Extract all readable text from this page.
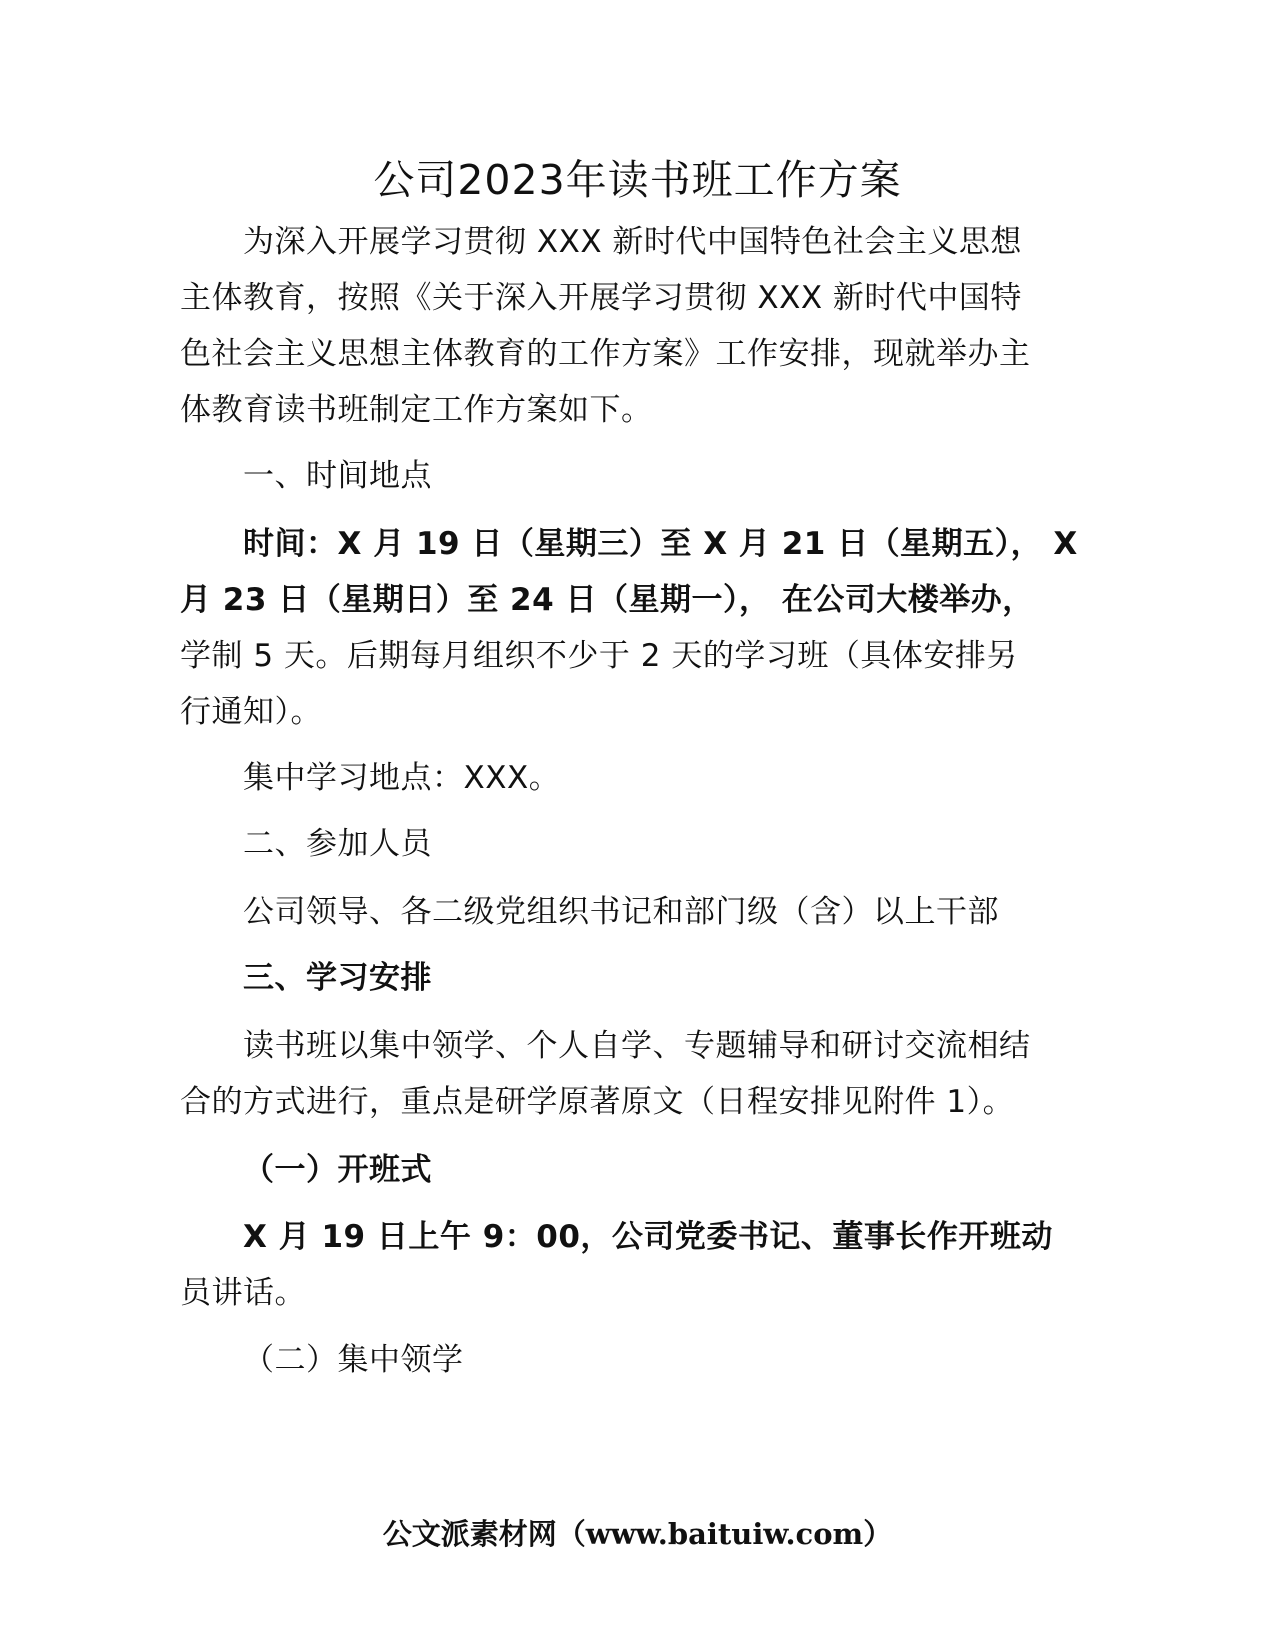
公司2023年读书班工作方案
为深入开展学习贯彻 XXX 新时代中国特色社会主义思想
主体教育，按照《关于深入开展学习贯彻 XXX 新时代中国特
色社会主义思想主体教育的工作方案》工作安排，现就举办主
体教育读书班制定工作方案如下。
一、时间地点
时间：X 月 19 日（星期三）至 X 月 21 日（星期五）， X
月 23 日（星期日）至 24 日（星期一）， 在公司大楼举办，
学制 5 天。后期每月组织不少于 2 天的学习班（具体安排另
行通知）。
集中学习地点：XXX。
二、参加人员
公司领导、各二级党组织书记和部门级（含）以上干部
三、学习安排
读书班以集中领学、个人自学、专题辅导和研讨交流相结
合的方式进行，重点是研学原著原文（日程安排见附件 1）。
（一）开班式
X 月 19 日上午 9：00，公司党委书记、董事长作开班动
员讲话。
（二）集中领学
公文派素材网（www.baituiw.com）
